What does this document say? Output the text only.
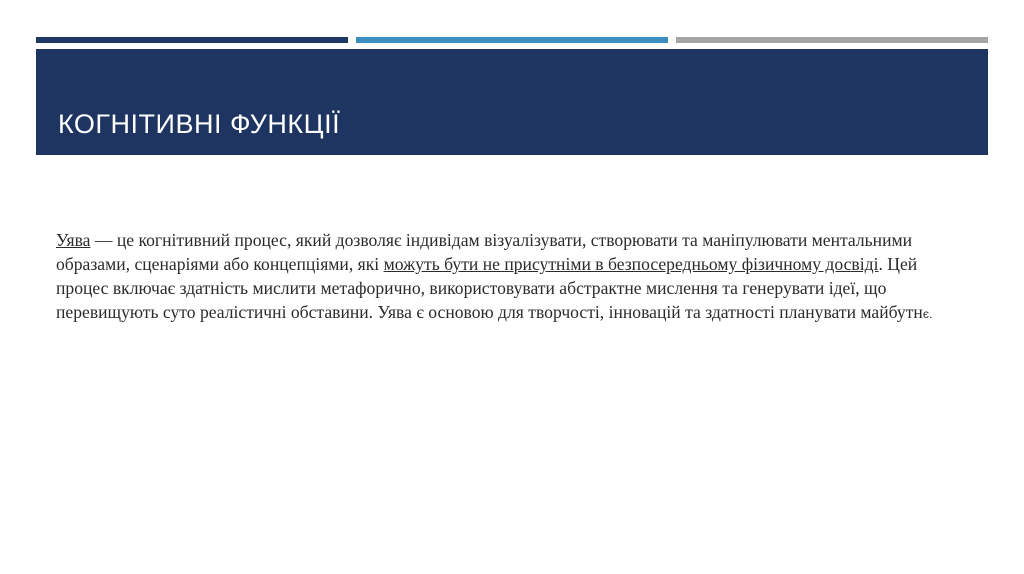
КОГНІТИВНІ ФУНКЦІЇ

Уява — це когнітивний процес, який дозволяє індивідам візуалізувати, створювати та маніпулювати ментальними образами, сценаріями або концепціями, які можуть бути не присутніми в безпосередньому фізичному досвіді. Цей процес включає здатність мислити метафорично, використовувати абстрактне мислення та генерувати ідеї, що перевищують суто реалістичні обставини. Уява є основою для творчості, інновацій та здатності планувати майбутнє.
